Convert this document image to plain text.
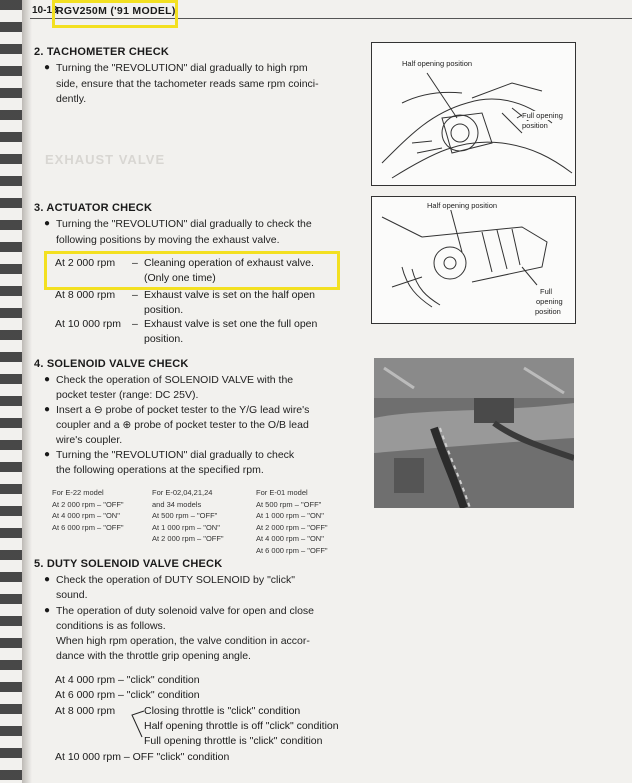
EXHAUST VALVE
10-13
RGV250M ('91 MODEL)
2. TACHOMETER CHECK
● Turning the "REVOLUTION" dial gradually to high rpm
side, ensure that the tachometer reads same rpm coinci-
dently.
Half opening position
Full opening
position
3. ACTUATOR CHECK
● Turning the "REVOLUTION" dial gradually to check the
following positions by moving the exhaust valve.
At 2 000 rpm – Cleaning operation of exhaust valve.
(Only one time)
At 8 000 rpm – Exhaust valve is set on the half open
position.
At 10 000 rpm – Exhaust valve is set one the full open
position.
Half opening position
Full
opening
position
4. SOLENOID VALVE CHECK
● Check the operation of SOLENOID VALVE with the
pocket tester (range: DC 25V).
● Insert a ⊖ probe of pocket tester to the Y/G lead wire's
coupler and a ⊕ probe of pocket tester to the O/B lead
wire's coupler.
● Turning the "REVOLUTION" dial gradually to check
the following operations at the specified rpm.
For E-22 model
At 2 000 rpm – "OFF"
At 4 000 rpm – "ON"
At 6 000 rpm – "OFF"
For E-02,04,21,24
and 34 models
At 500 rpm – "OFF"
At 1 000 rpm – "ON"
At 2 000 rpm – "OFF"
For E-01 model
At 500 rpm – "OFF"
At 1 000 rpm – "ON"
At 2 000 rpm – "OFF"
At 4 000 rpm – "ON"
At 6 000 rpm – "OFF"
5. DUTY SOLENOID VALVE CHECK
● Check the operation of DUTY SOLENOID by "click"
sound.
● The operation of duty solenoid valve for open and close
conditions is as follows.
When high rpm operation, the valve condition in accor-
dance with the throttle grip opening angle.
At 4 000 rpm – "click" condition
At 6 000 rpm – "click" condition
At 8 000 rpm	Closing throttle is "click" condition
Half opening throttle is off "click" condition
Full opening throttle is "click" condition
At 10 000 rpm – OFF "click" condition
